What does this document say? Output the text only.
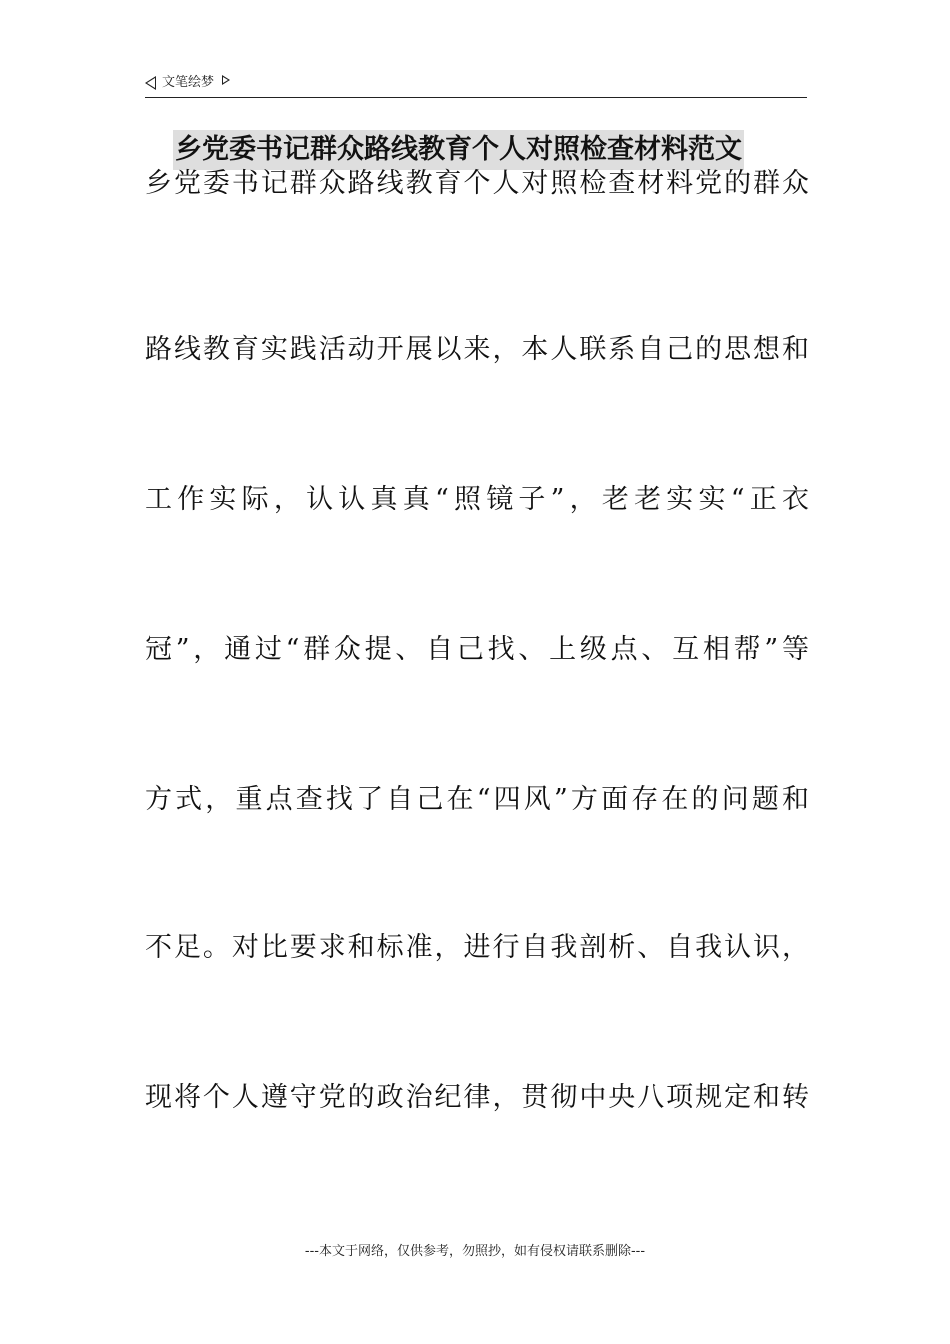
文笔绘梦
乡党委书记群众路线教育个人对照检查材料范文
乡党委书记群众路线教育个人对照检查材料党的群众
路线教育实践活动开展以来，本人联系自己的思想和
工作实际，认认真真“照镜子”，老老实实“正衣
冠”，通过“群众提、自己找、上级点、互相帮”等
方式，重点查找了自己在“四风”方面存在的问题和
不足。对比要求和标准，进行自我剖析、自我认识，
现将个人遵守党的政治纪律，贯彻中央八项规定和转
---本文于网络，仅供参考，勿照抄，如有侵权请联系删除---
